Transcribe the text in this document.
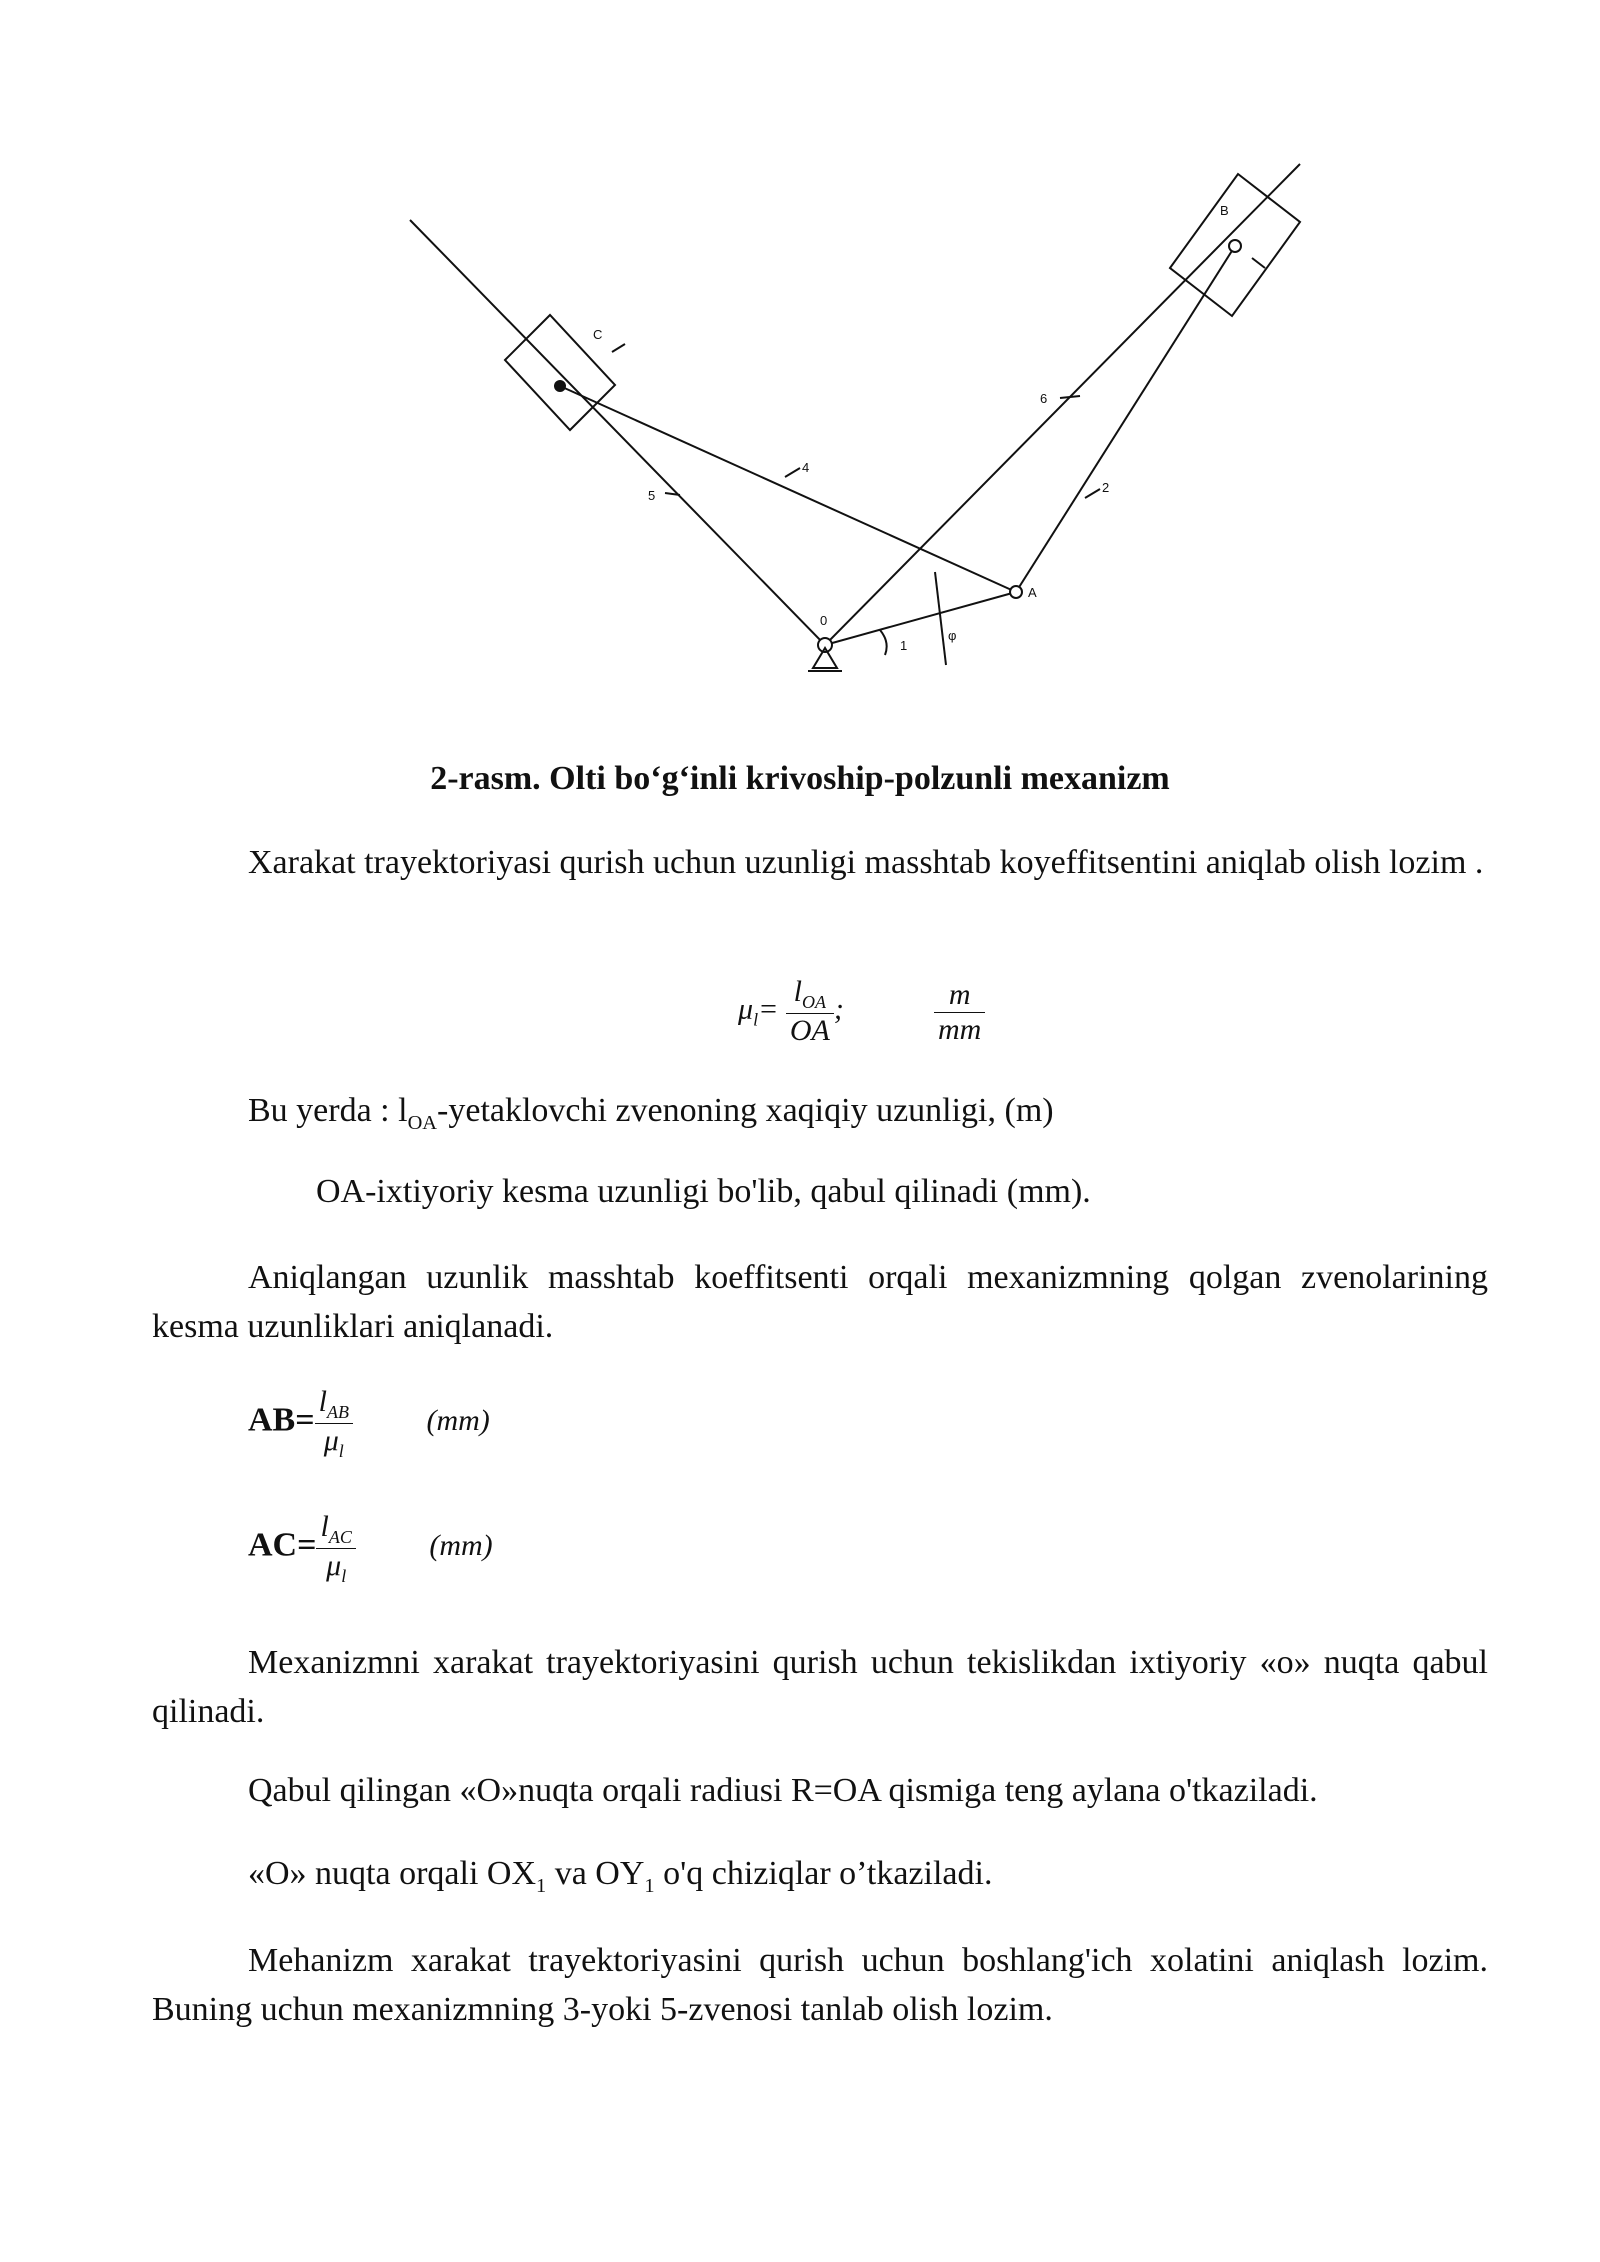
0
A
C
B
1
2
4
5
6
φ
2-rasm. Olti bo‘g‘inli krivoship-polzunli mexanizm
Xarakat trayektoriyasi qurish uchun uzunligi masshtab koyeffitsentini aniqlab olish lozim .
$\mu_l= \frac{l_{OA}}{OA}$ ;	$\frac{m}{mm}$
Bu yerda : $l_{OA}$-yetaklovchi zvenoning xaqiqiy uzunligi, (m)
OA-ixtiyoriy kesma uzunligi bo'lib, qabul qilinadi (mm).
Aniqlangan uzunlik masshtab koeffitsenti orqali mexanizmning qolgan zvenolarining kesma uzunliklari aniqlanadi.
$AB= \frac{l_{AB}}{\mu_l} (mm)$
$AC= \frac{l_{AC}}{\mu_l} (mm)$
Mexanizmni xarakat trayektoriyasini qurish uchun tekislikdan ixtiyoriy «o» nuqta qabul qilinadi.
Qabul qilingan «O»nuqta orqali radiusi R=OA qismiga teng aylana o'tkaziladi.
«O» nuqta orqali $OX_1$ va $OY_1$ o'q chiziqlar o’tkaziladi.
Mehanizm xarakat trayektoriyasini qurish uchun boshlang'ich xolatini aniqlash lozim. Buning uchun mexanizmning 3-yoki 5-zvenosi tanlab olish lozim.
